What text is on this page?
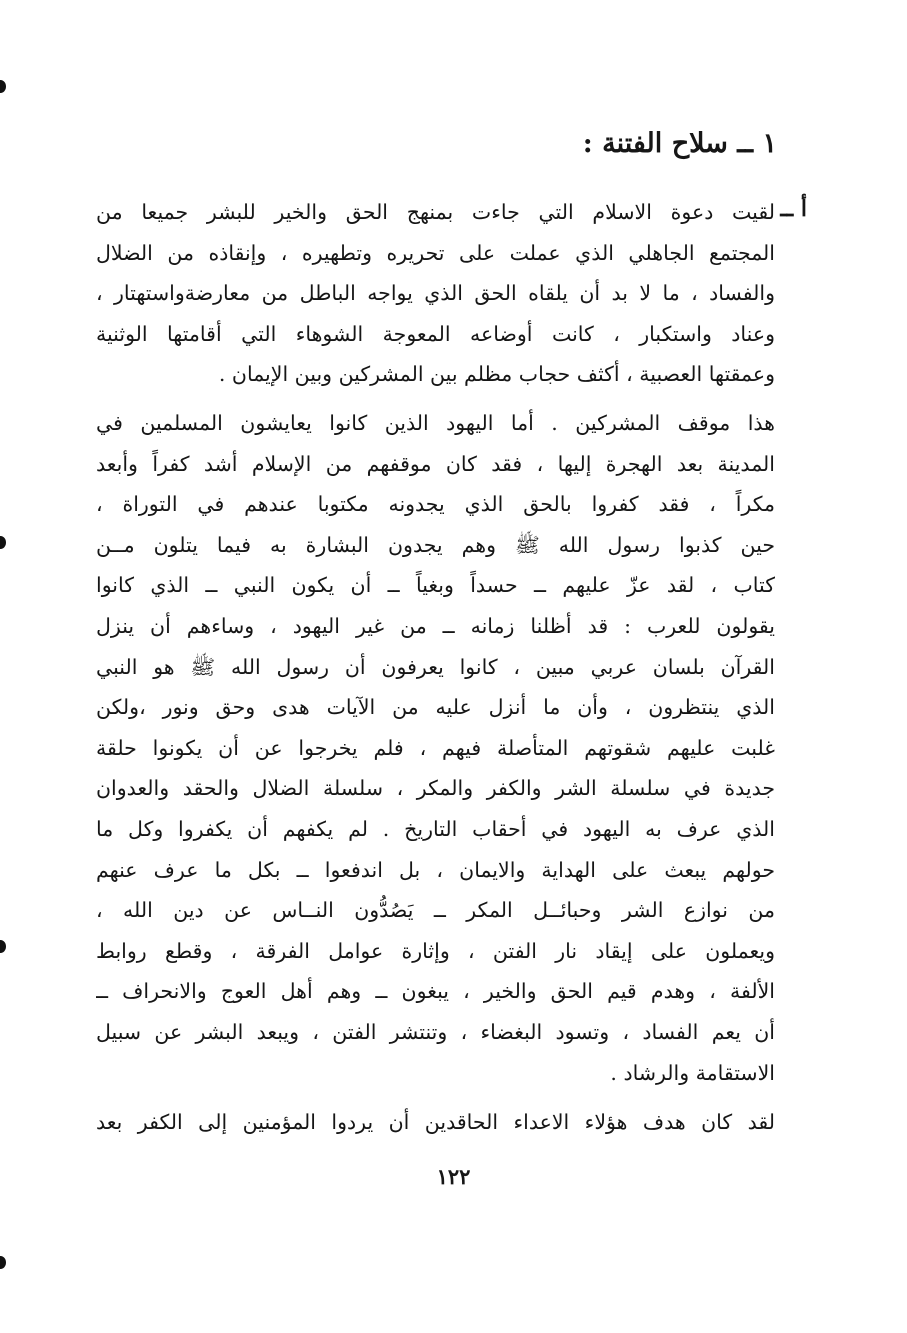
١ ــ سلاح الفتنة :
أ ــ
لقيت دعوة الاسلام التي جاءت بمنهج الحق والخير للبشر جميعا من
المجتمع الجاهلي الذي عملت على تحريره وتطهيره ، وإنقاذه من الضلال
والفساد ، ما لا بد أن يلقاه الحق الذي يواجه الباطل من معارضةواستهتار ،
وعناد واستكبار ، كانت أوضاعه المعوجة الشوهاء التي أقامتها الوثنية
وعمقتها العصبية ، أكثف حجاب مظلم بين المشركين وبين الإيمان .
هذا موقف المشركين . أما اليهود الذين كانوا يعايشون المسلمين في
المدينة بعد الهجرة إليها ، فقد كان موقفهم من الإسلام أشد كفراً وأبعد
مكراً ، فقد كفروا بالحق الذي يجدونه مكتوبا عندهم في التوراة ،
حين كذبوا رسول الله ﷺ وهم يجدون البشارة به فيما يتلون مــن
كتاب ، لقد عزّ عليهم ــ حسداً وبغياً ــ أن يكون النبي ــ الذي كانوا
يقولون للعرب : قد أظلنا زمانه ــ من غير اليهود ، وساءهم أن ينزل
القرآن بلسان عربي مبين ، كانوا يعرفون أن رسول الله ﷺ هو النبي
الذي ينتظرون ، وأن ما أنزل عليه من الآيات هدى وحق ونور ،ولكن
غلبت عليهم شقوتهم المتأصلة فيهم ، فلم يخرجوا عن أن يكونوا حلقة
جديدة في سلسلة الشر والكفر والمكر ، سلسلة الضلال والحقد والعدوان
الذي عرف به اليهود في أحقاب التاريخ . لم يكفهم أن يكفروا وكل ما
حولهم يبعث على الهداية والايمان ، بل اندفعوا ــ بكل ما عرف عنهم
من نوازع الشر وحبائــل المكر ــ يَصُدُّون النــاس عن دين الله ،
ويعملون على إيقاد نار الفتن ، وإثارة عوامل الفرقة ، وقطع روابط
الألفة ، وهدم قيم الحق والخير ، يبغون ــ وهم أهل العوج والانحراف ــ
أن يعم الفساد ، وتسود البغضاء ، وتنتشر الفتن ، ويبعد البشر عن سبيل
الاستقامة والرشاد .
لقد كان هدف هؤلاء الاعداء الحاقدين أن يردوا المؤمنين إلى الكفر بعد
١٢٢
